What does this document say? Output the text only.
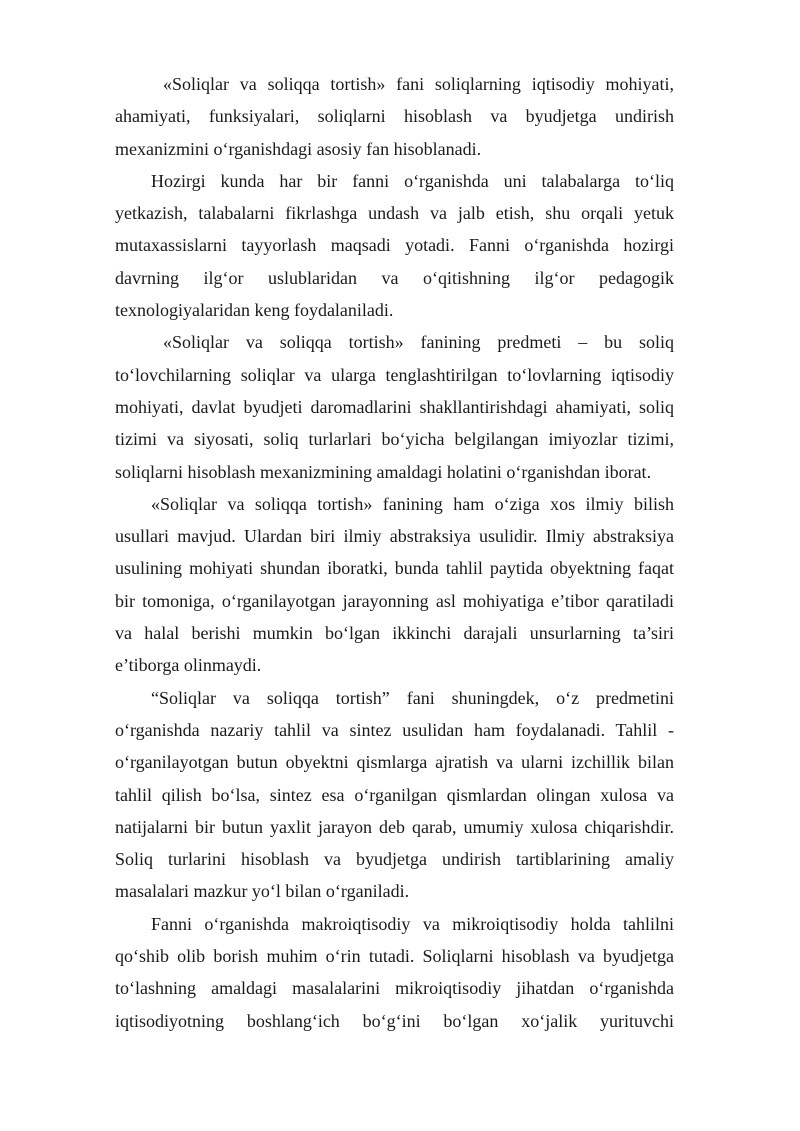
«Soliqlar va soliqqa tortish» fani soliqlarning iqtisodiy mohiyati,
ahamiyati, funksiyalari, soliqlarni hisoblash va byudjetga undirish
mexanizmini o‘rganishdagi asosiy fan hisoblanadi.
Hozirgi kunda har bir fanni o‘rganishda uni talabalarga to‘liq
yetkazish, talabalarni fikrlashga undash va jalb etish, shu orqali yetuk
mutaxassislarni tayyorlash maqsadi yotadi. Fanni o‘rganishda hozirgi
davrning ilg‘or uslublaridan va o‘qitishning ilg‘or pedagogik
texnologiyalaridan keng foydalaniladi.
«Soliqlar va soliqqa tortish» fanining predmeti – bu soliq
to‘lovchilarning soliqlar va ularga tenglashtirilgan to‘lovlarning iqtisodiy
mohiyati, davlat byudjeti daromadlarini shakllantirishdagi ahamiyati, soliq
tizimi va siyosati, soliq turlarlari bo‘yicha belgilangan imiyozlar tizimi,
soliqlarni hisoblash mexanizmining amaldagi holatini o‘rganishdan iborat.
«Soliqlar va soliqqa tortish» fanining ham o‘ziga xos ilmiy bilish
usullari mavjud. Ulardan biri ilmiy abstraksiya usulidir. Ilmiy abstraksiya
usulining mohiyati shundan iboratki, bunda tahlil paytida obyektning faqat
bir tomoniga, o‘rganilayotgan jarayonning asl mohiyatiga e’tibor qaratiladi
va halal berishi mumkin bo‘lgan ikkinchi darajali unsurlarning ta’siri
e’tiborga olinmaydi.
“Soliqlar va soliqqa tortish” fani shuningdek, o‘z predmetini
o‘rganishda nazariy tahlil va sintez usulidan ham foydalanadi. Tahlil -
o‘rganilayotgan butun obyektni qismlarga ajratish va ularni izchillik bilan
tahlil qilish bo‘lsa, sintez esa o‘rganilgan qismlardan olingan xulosa va
natijalarni bir butun yaxlit jarayon deb qarab, umumiy xulosa chiqarishdir.
Soliq turlarini hisoblash va byudjetga undirish tartiblarining amaliy
masalalari mazkur yo‘l bilan o‘rganiladi.
Fanni o‘rganishda makroiqtisodiy va mikroiqtisodiy holda tahlilni
qo‘shib olib borish muhim o‘rin tutadi. Soliqlarni hisoblash va byudjetga
to‘lashning amaldagi masalalarini mikroiqtisodiy jihatdan o‘rganishda
iqtisodiyotning boshlang‘ich bo‘g‘ini bo‘lgan xo‘jalik yurituvchi
